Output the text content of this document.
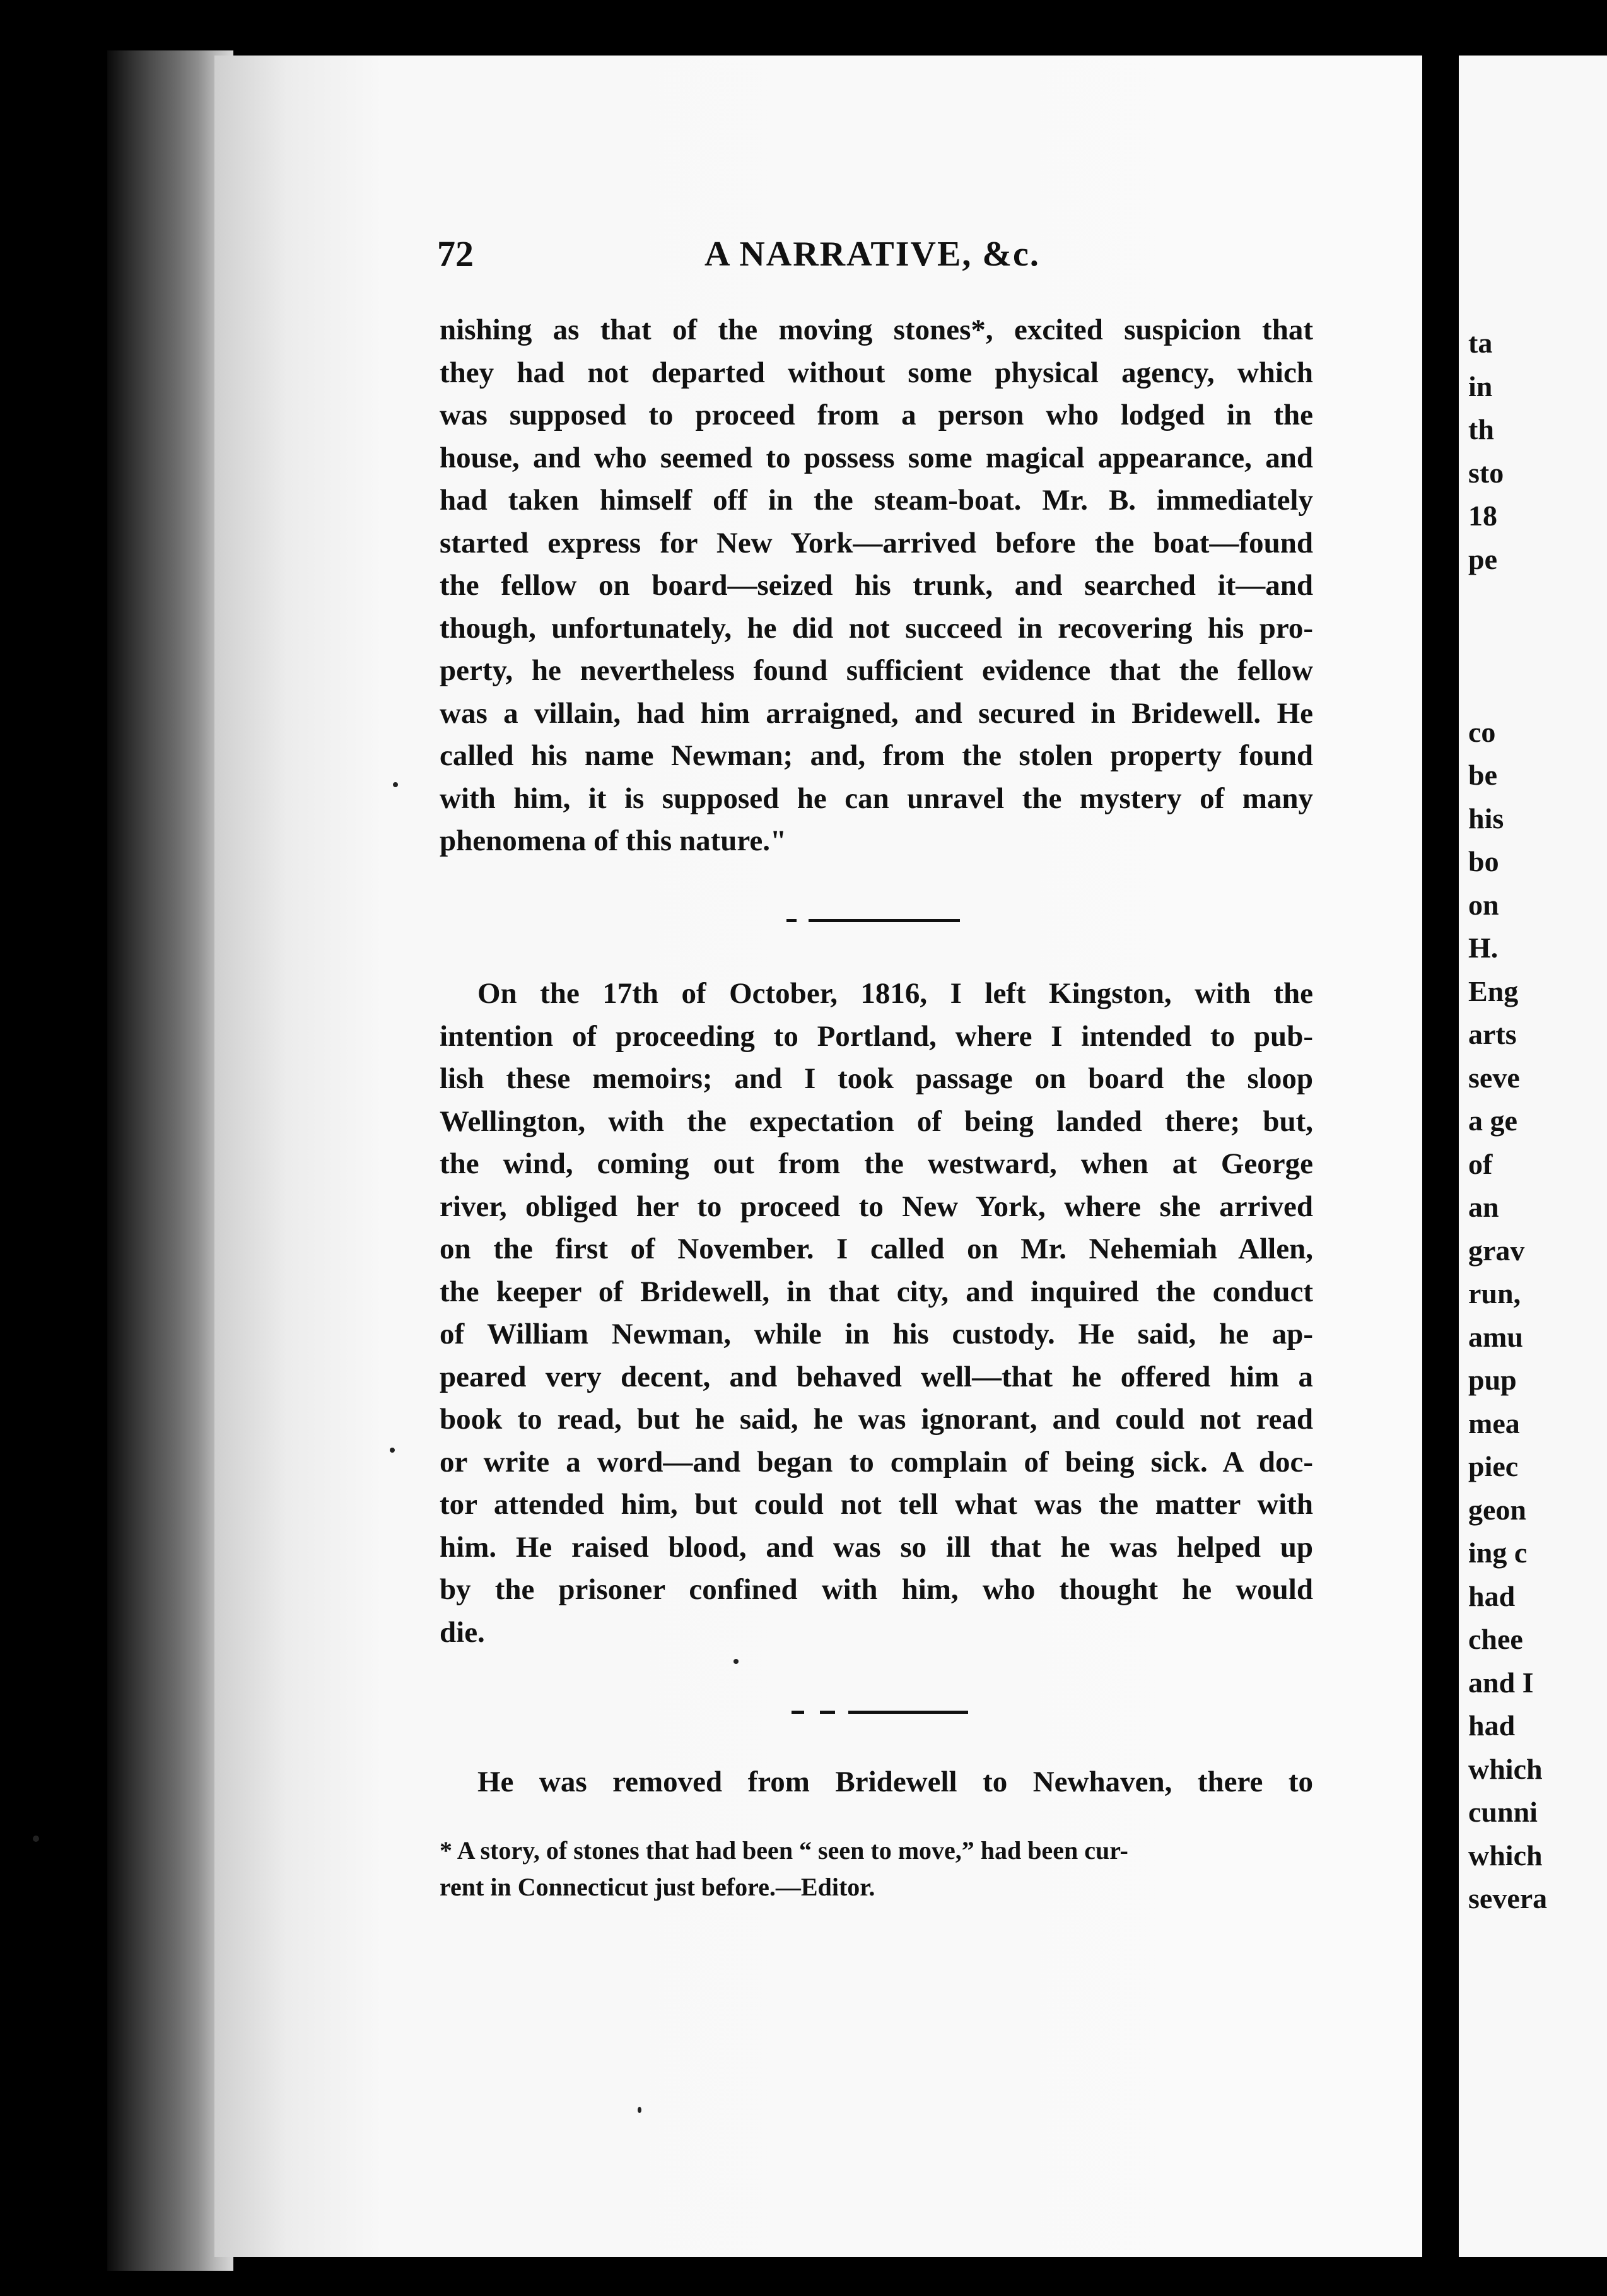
72	A NARRATIVE, &c.
nishing as that of the moving stones*, excited suspicion that
they had not departed without some physical agency, which
was supposed to proceed from a person who lodged in the
house, and who seemed to possess some magical appearance, and
had taken himself off in the steam-boat. Mr. B. immediately
started express for New York—arrived before the boat—found
the fellow on board—seized his trunk, and searched it—and
though, unfortunately, he did not succeed in recovering his pro-
perty, he nevertheless found sufficient evidence that the fellow
was a villain, had him arraigned, and secured in Bridewell. He
called his name Newman; and, from the stolen property found
with him, it is supposed he can unravel the mystery of many
phenomena of this nature."
On the 17th of October, 1816, I left Kingston, with the
intention of proceeding to Portland, where I intended to pub-
lish these memoirs; and I took passage on board the sloop
Wellington, with the expectation of being landed there; but,
the wind, coming out from the westward, when at George
river, obliged her to proceed to New York, where she arrived
on the first of November. I called on Mr. Nehemiah Allen,
the keeper of Bridewell, in that city, and inquired the conduct
of William Newman, while in his custody. He said, he ap-
peared very decent, and behaved well—that he offered him a
book to read, but he said, he was ignorant, and could not read
or write a word—and began to complain of being sick. A doc-
tor attended him, but could not tell what was the matter with
him. He raised blood, and was so ill that he was helped up
by the prisoner confined with him, who thought he would
die.
He was removed from Bridewell to Newhaven, there to
* A story, of stones that had been “ seen to move,” had been cur-
rent in Connecticut just before.—Editor.
ta
in
th
sto
18
pe
co
be
his
bo
on
H.
Eng
arts
seve
a ge
of
an
grav
run,
amu
pup
mea
piec
geon
ing c
had
chee
and I
had
which
cunni
which
severa
